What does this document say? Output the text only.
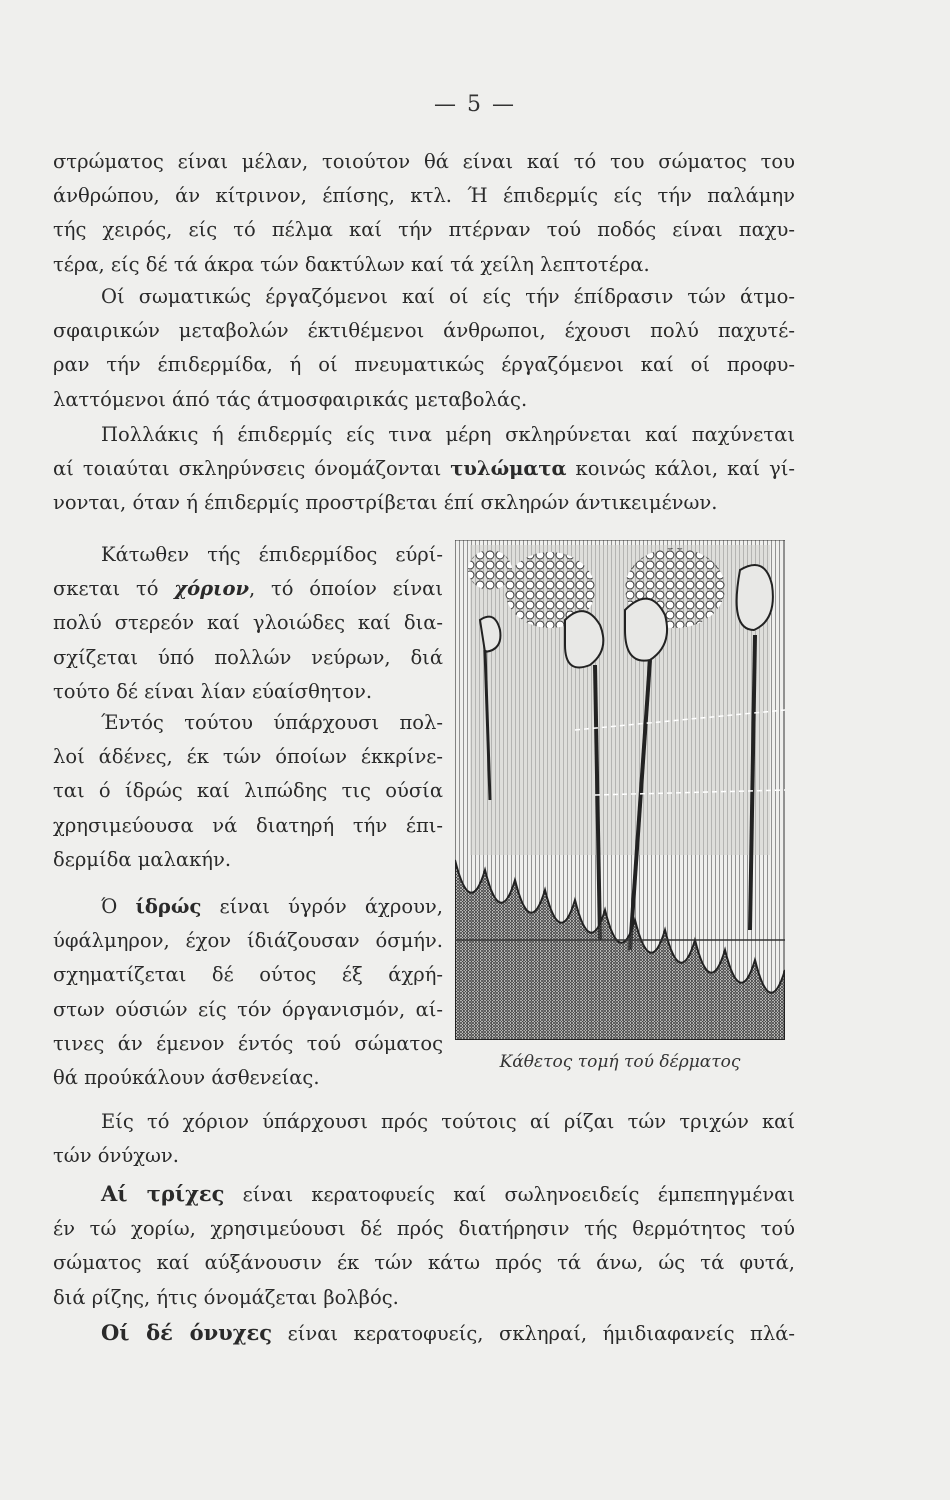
— 5 —
στρώματος είναι μέλαν, τοιούτον θά είναι καί τό του σώματος του
άνθρώπου, άν κίτρινον, έπίσης, κτλ. Ή έπιδερμίς είς τήν παλάμην
τής χειρός, είς τό πέλμα καί τήν πτέρναν τού ποδός είναι παχυ-
τέρα, είς δέ τά άκρα τών δακτύλων καί τά χείλη λεπτοτέρα.
Οί σωματικώς έργαζόμενοι καί οί είς τήν έπίδρασιν τών άτμο-
σφαιρικών μεταβολών έκτιθέμενοι άνθρωποι, έχουσι πολύ παχυτέ-
ραν τήν έπιδερμίδα, ή οί πνευματικώς έργαζόμενοι καί οί προφυ-
λαττόμενοι άπό τάς άτμοσφαιρικάς μεταβολάς.
Πολλάκις ή έπιδερμίς είς τινα μέρη σκληρύνεται καί παχύνεται
αί τοιαύται σκληρύνσεις όνομάζονται τυλώματα κοινώς κάλοι, καί γί-
νονται, όταν ή έπιδερμίς προστρίβεται έπί σκληρών άντικειμένων.
Κάτωθεν τής έπιδερμίδος εύρί-
σκεται τό χόριον, τό όποίον είναι
πολύ στερεόν καί γλοιώδες καί δια-
σχίζεται ύπό πολλών νεύρων, διά
τούτο δέ είναι λίαν εύαίσθητον.
Έντός τούτου ύπάρχουσι πολ-
λοί άδένες, έκ τών όποίων έκκρίνε-
ται ό ίδρώς καί λιπώδης τις ούσία
χρησιμεύουσα νά διατηρή τήν έπι-
δερμίδα μαλακήν.
Ό ίδρώς είναι ύγρόν άχρουν,
ύφάλμηρον, έχον ίδιάζουσαν όσμήν.
σχηματίζεται δέ ούτος έξ άχρή-
στων ούσιών είς τόν όργανισμόν, αί-
τινες άν έμενον έντός τού σώματος
θά προύκάλουν άσθενείας.
Κάθετος τομή τού δέρματος
Είς τό χόριον ύπάρχουσι πρός τούτοις αί ρίζαι τών τριχών καί
τών όνύχων.
Αί τρίχες είναι κερατοφυείς καί σωληνοειδείς έμπεπηγμέναι
έν τώ χορίω, χρησιμεύουσι δέ πρός διατήρησιν τής θερμότητος τού
σώματος καί αύξάνουσιν έκ τών κάτω πρός τά άνω, ώς τά φυτά,
διά ρίζης, ήτις όνομάζεται βολβός.
Οί δέ όνυχες είναι κερατοφυείς, σκληραί, ήμιδιαφανείς πλά-
